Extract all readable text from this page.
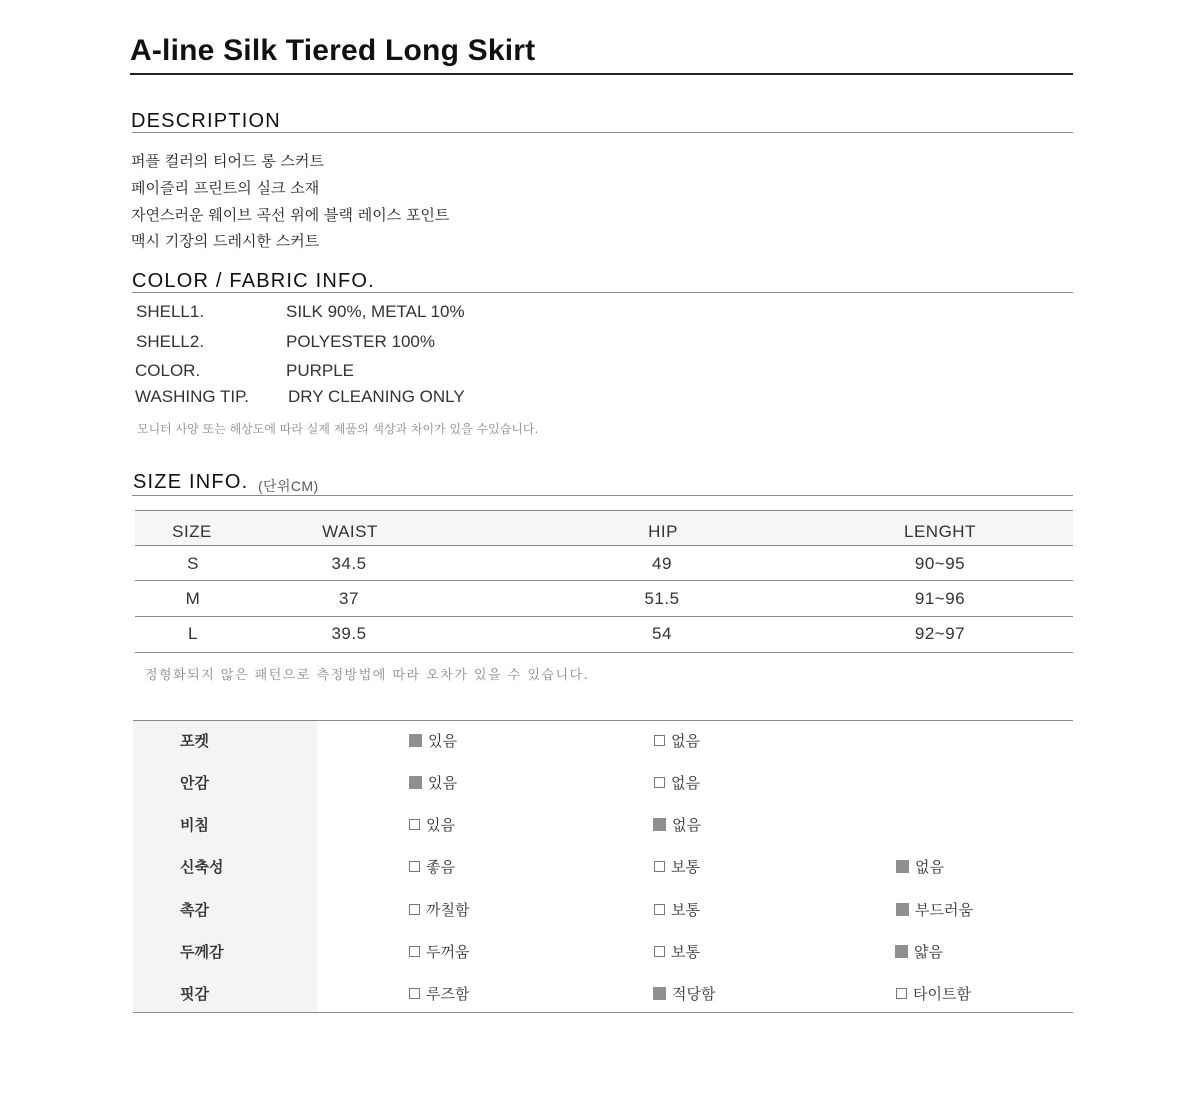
A-line Silk Tiered Long Skirt
DESCRIPTION
퍼플 컬러의 티어드 롱 스커트
페이즐리 프린트의 실크 소재
자연스러운 웨이브 곡선 위에 블랙 레이스 포인트
맥시 기장의 드레시한 스커트
COLOR / FABRIC INFO.
SHELL1.	SILK 90%, METAL 10%
SHELL2.	POLYESTER 100%
COLOR.	PURPLE
WASHING TIP. DRY CLEANING ONLY
모니터 사양 또는 해상도에 따라 실제 제품의 색상과 차이가 있을 수있습니다.
SIZE INFO. (단위CM)
SIZE	WAIST	HIP	LENGHT
S	34.5	49	90~95
M	37	51.5	91~96
L	39.5	54	92~97
정형화되지 않은 패턴으로 측정방법에 따라 오차가 있을 수 있습니다.
포켓	있음	없음
안감	있음	없음
비침	있음	없음
신축성	좋음	보통	없음
촉감	까칠함	보통	부드러움
두께감	두꺼움	보통	얇음
핏감	루즈함	적당함	타이트함
